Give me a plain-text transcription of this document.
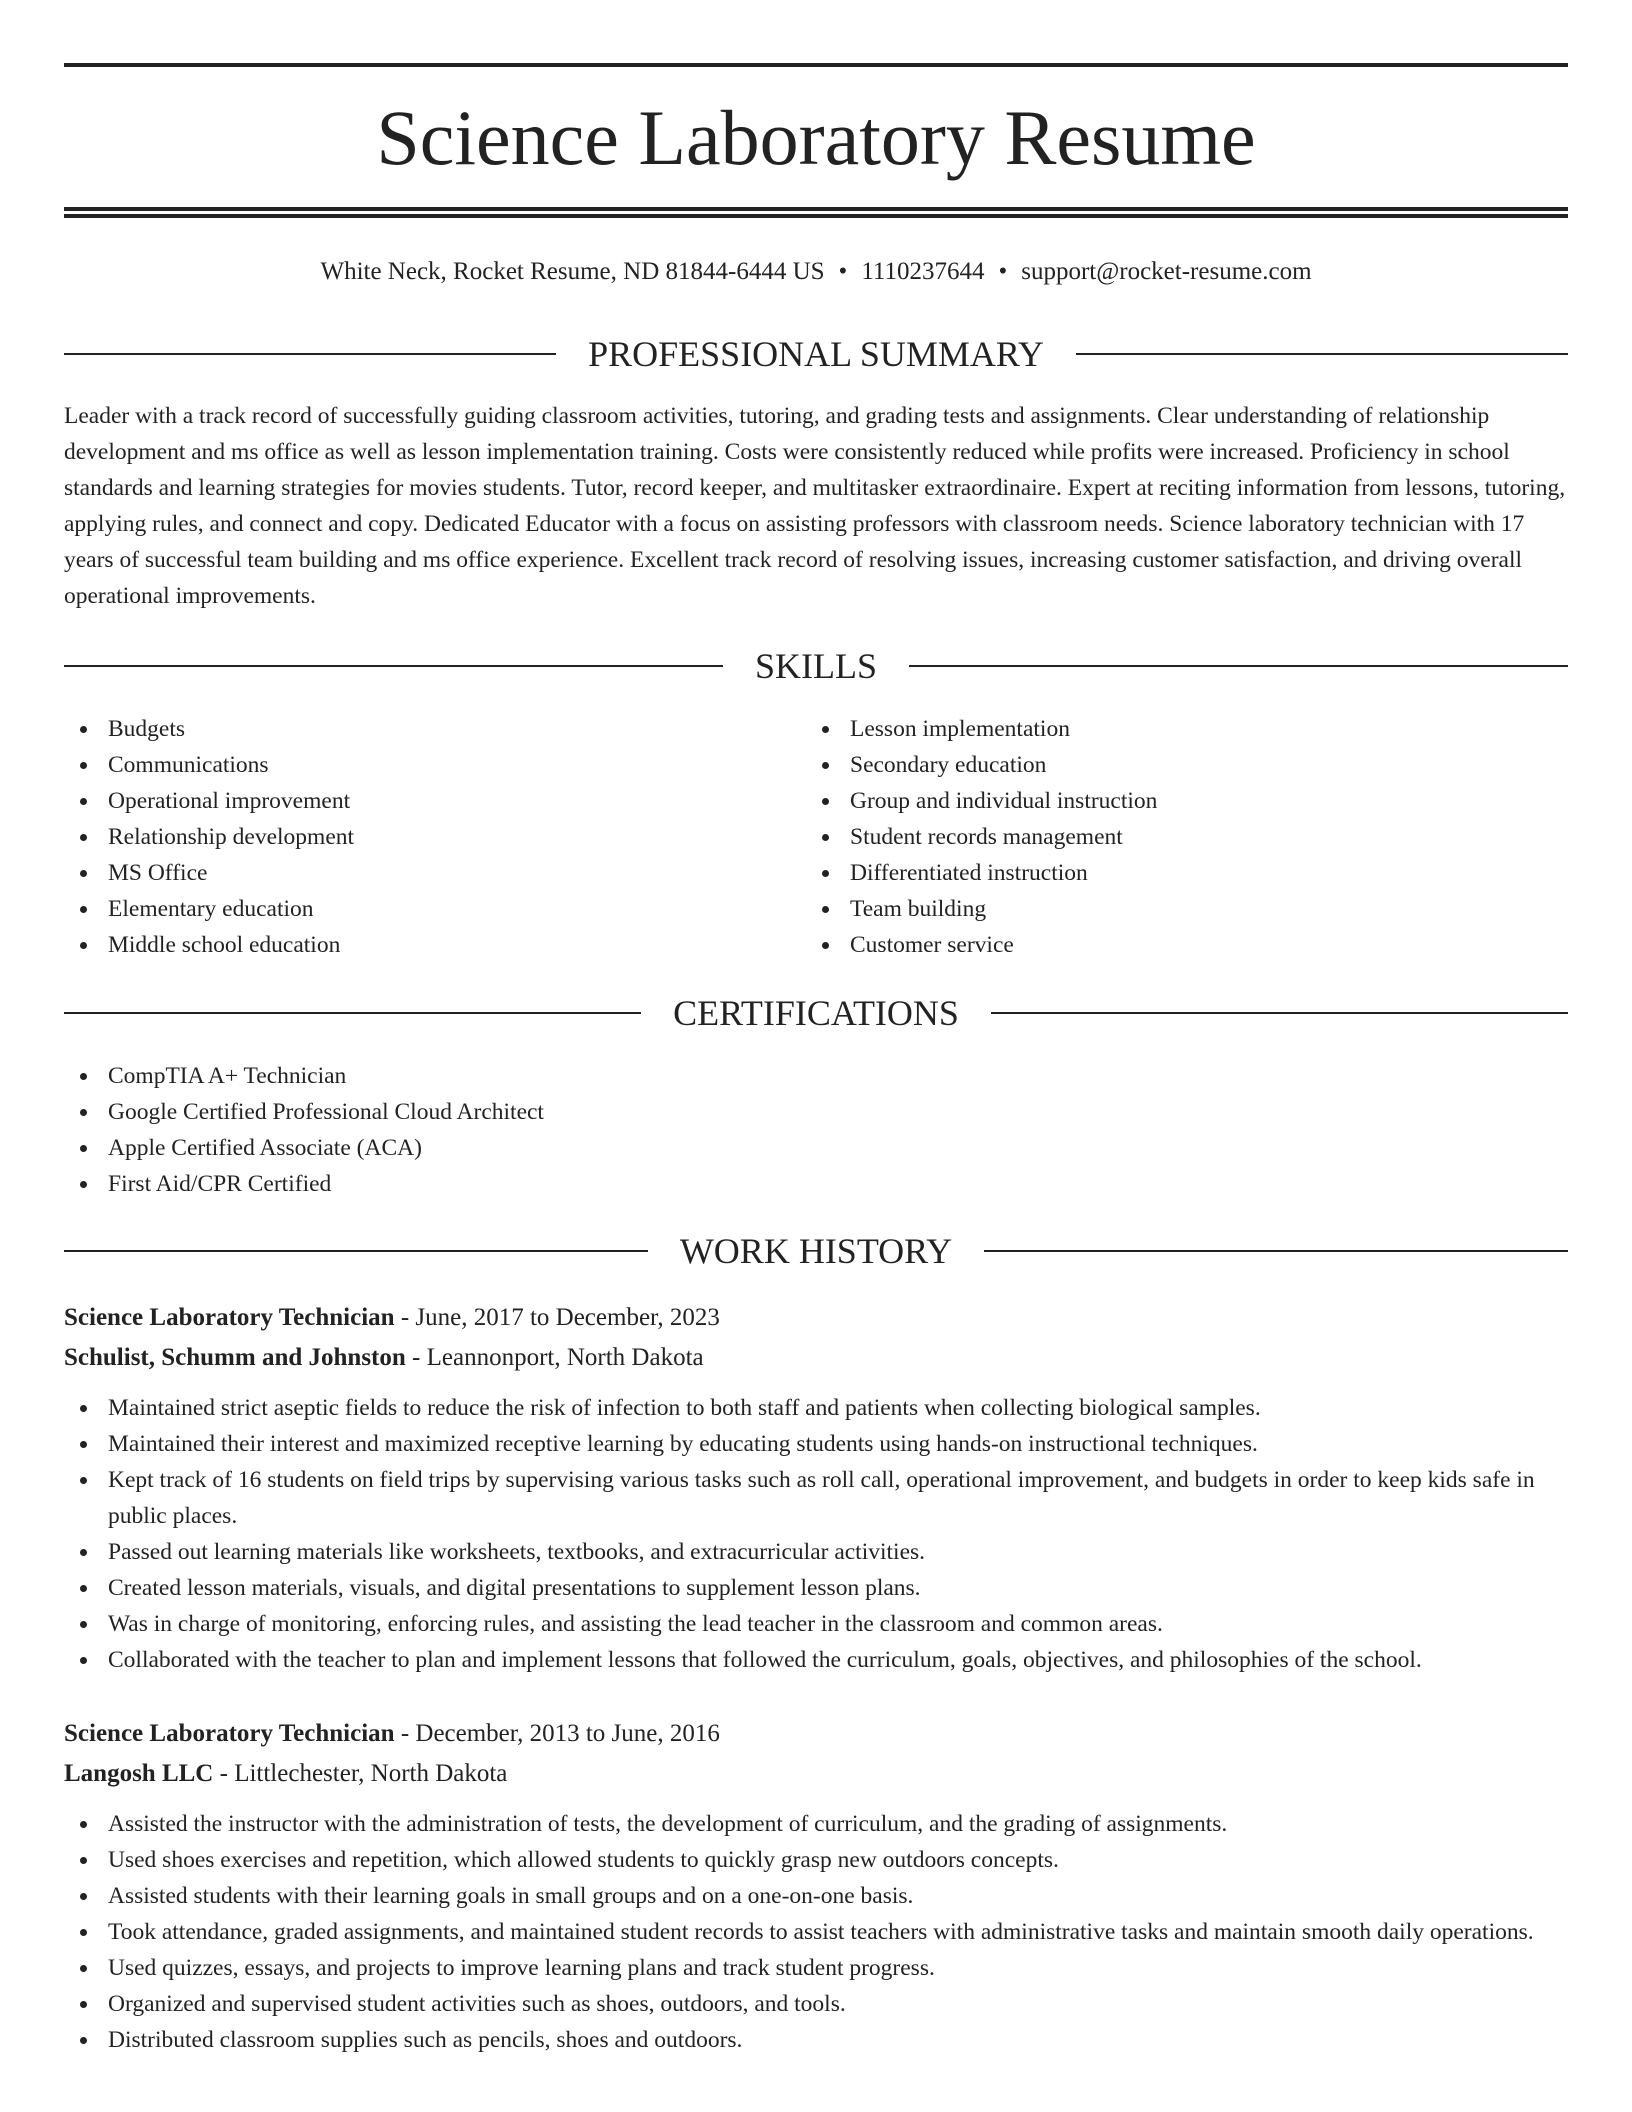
Science Laboratory Resume
White Neck, Rocket Resume, ND 81844-6444 US • 1110237644 • support@rocket-resume.com
PROFESSIONAL SUMMARY

Leader with a track record of successfully guiding classroom activities, tutoring, and grading tests and assignments. Clear understanding of relationship development and ms office as well as lesson implementation training. Costs were consistently reduced while profits were increased. Proficiency in school standards and learning strategies for movies students. Tutor, record keeper, and multitasker extraordinaire. Expert at reciting information from lessons, tutoring, applying rules, and connect and copy. Dedicated Educator with a focus on assisting professors with classroom needs. Science laboratory technician with 17 years of successful team building and ms office experience. Excellent track record of resolving issues, increasing customer satisfaction, and driving overall operational improvements.

SKILLS
Budgets
Communications
Operational improvement
Relationship development
MS Office
Elementary education
Middle school education
Lesson implementation
Secondary education
Group and individual instruction
Student records management
Differentiated instruction
Team building
Customer service
CERTIFICATIONS
CompTIA A+ Technician
Google Certified Professional Cloud Architect
Apple Certified Associate (ACA)
First Aid/CPR Certified
WORK HISTORY
Science Laboratory Technician - June, 2017 to December, 2023
Schulist, Schumm and Johnston - Leannonport, North Dakota
Maintained strict aseptic fields to reduce the risk of infection to both staff and patients when collecting biological samples.
Maintained their interest and maximized receptive learning by educating students using hands-on instructional techniques.
Kept track of 16 students on field trips by supervising various tasks such as roll call, operational improvement, and budgets in order to keep kids safe in public places.
Passed out learning materials like worksheets, textbooks, and extracurricular activities.
Created lesson materials, visuals, and digital presentations to supplement lesson plans.
Was in charge of monitoring, enforcing rules, and assisting the lead teacher in the classroom and common areas.
Collaborated with the teacher to plan and implement lessons that followed the curriculum, goals, objectives, and philosophies of the school.
Science Laboratory Technician - December, 2013 to June, 2016
Langosh LLC - Littlechester, North Dakota
Assisted the instructor with the administration of tests, the development of curriculum, and the grading of assignments.
Used shoes exercises and repetition, which allowed students to quickly grasp new outdoors concepts.
Assisted students with their learning goals in small groups and on a one-on-one basis.
Took attendance, graded assignments, and maintained student records to assist teachers with administrative tasks and maintain smooth daily operations.
Used quizzes, essays, and projects to improve learning plans and track student progress.
Organized and supervised student activities such as shoes, outdoors, and tools.
Distributed classroom supplies such as pencils, shoes and outdoors.
